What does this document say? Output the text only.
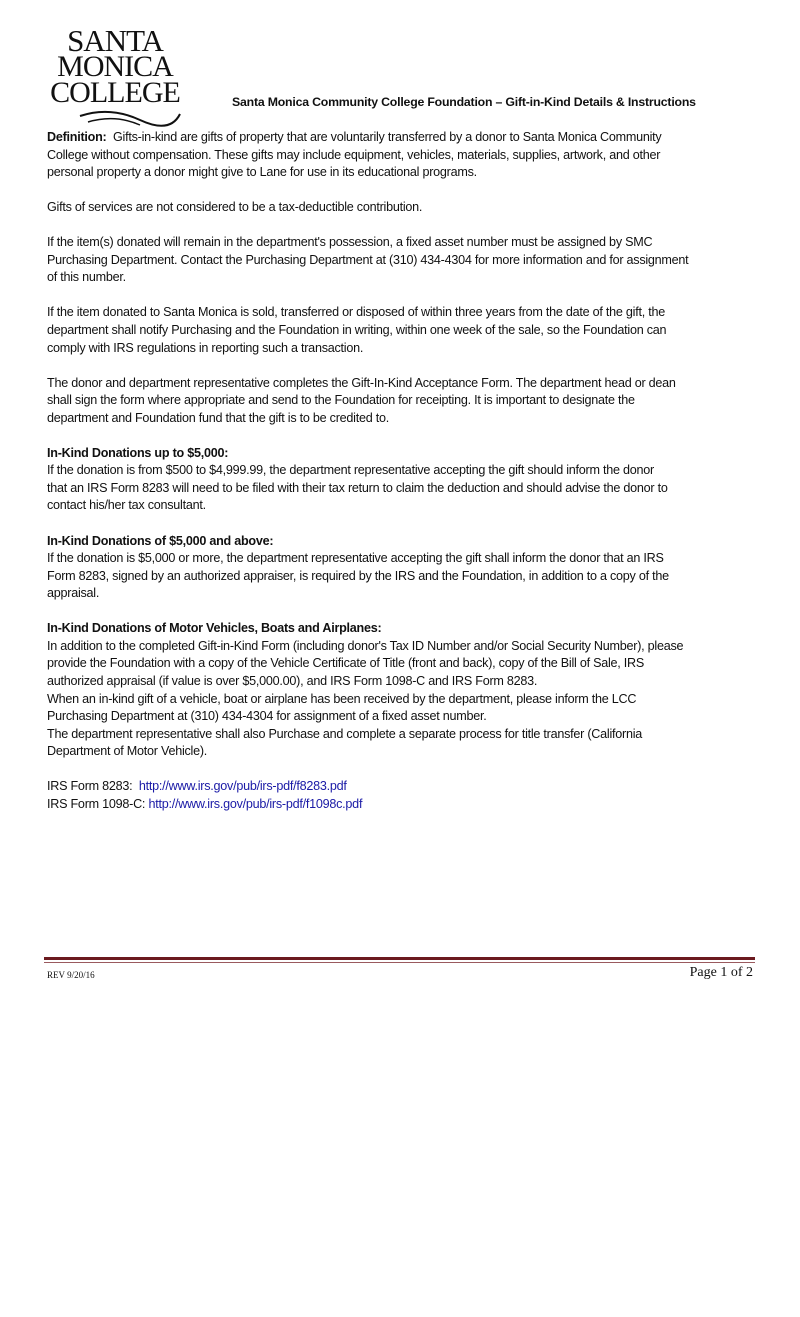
SANTA
MONICA
COLLEGE	Santa Monica Community College Foundation – Gift-in-Kind Details & Instructions
Definition:  Gifts-in-kind are gifts of property that are voluntarily transferred by a donor to Santa Monica Community
College without compensation. These gifts may include equipment, vehicles, materials, supplies, artwork, and other
personal property a donor might give to Lane for use in its educational programs.
Gifts of services are not considered to be a tax-deductible contribution.
If the item(s) donated will remain in the department's possession, a fixed asset number must be assigned by SMC
Purchasing Department. Contact the Purchasing Department at (310) 434-4304 for more information and for assignment
of this number.
If the item donated to Santa Monica is sold, transferred or disposed of within three years from the date of the gift, the
department shall notify Purchasing and the Foundation in writing, within one week of the sale, so the Foundation can
comply with IRS regulations in reporting such a transaction.
The donor and department representative completes the Gift-In-Kind Acceptance Form. The department head or dean
shall sign the form where appropriate and send to the Foundation for receipting. It is important to designate the
department and Foundation fund that the gift is to be credited to.
In-Kind Donations up to $5,000:
If the donation is from $500 to $4,999.99, the department representative accepting the gift should inform the donor
that an IRS Form 8283 will need to be filed with their tax return to claim the deduction and should advise the donor to
contact his/her tax consultant.
In-Kind Donations of $5,000 and above:
If the donation is $5,000 or more, the department representative accepting the gift shall inform the donor that an IRS
Form 8283, signed by an authorized appraiser, is required by the IRS and the Foundation, in addition to a copy of the
appraisal.
In-Kind Donations of Motor Vehicles, Boats and Airplanes:
In addition to the completed Gift-in-Kind Form (including donor's Tax ID Number and/or Social Security Number), please
provide the Foundation with a copy of the Vehicle Certificate of Title (front and back), copy of the Bill of Sale, IRS
authorized appraisal (if value is over $5,000.00), and IRS Form 1098-C and IRS Form 8283.
When an in-kind gift of a vehicle, boat or airplane has been received by the department, please inform the LCC
Purchasing Department at (310) 434-4304 for assignment of a fixed asset number.
The department representative shall also Purchase and complete a separate process for title transfer (California
Department of Motor Vehicle).
IRS Form 8283:  http://www.irs.gov/pub/irs-pdf/f8283.pdf
IRS Form 1098-C: http://www.irs.gov/pub/irs-pdf/f1098c.pdf
REV 9/20/16	Page 1 of 2
